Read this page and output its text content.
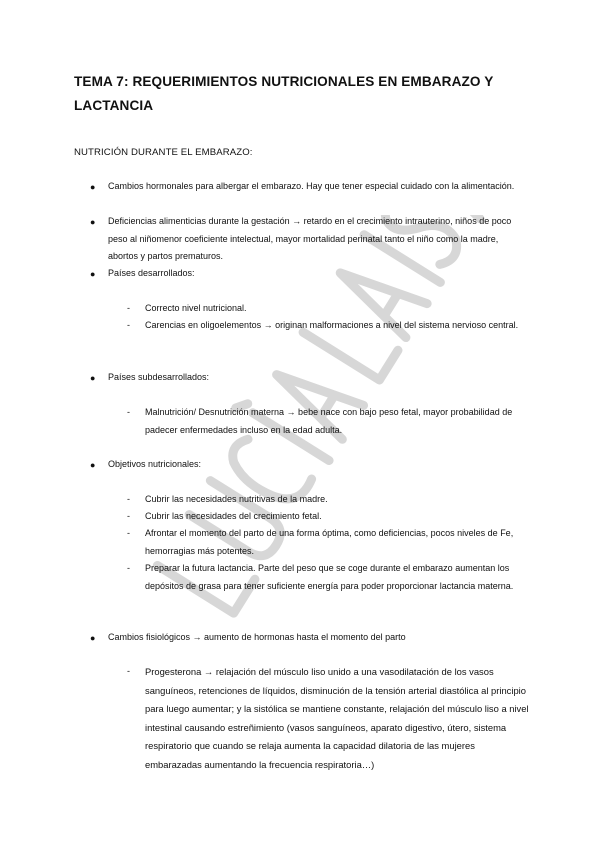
TEMA 7: REQUERIMIENTOS NUTRICIONALES EN EMBARAZO Y LACTANCIA

NUTRICIÓN DURANTE EL EMBARAZO:

● Cambios hormonales para albergar el embarazo. Hay que tener especial cuidado con la alimentación.

● Deficiencias alimenticias durante la gestación → retardo en el crecimiento intrauterino, niños de poco peso al niñomenor coeficiente intelectual, mayor mortalidad perinatal tanto el niño como la madre, abortos y partos prematuros.

● Países desarrollados:

- Correcto nivel nutricional.

- Carencias en oligoelementos → originan malformaciones a nivel del sistema nervioso central.

● Países subdesarrollados:

- Malnutrición/ Desnutrición materna → bebe nace con bajo peso fetal, mayor probabilidad de padecer enfermedades incluso en la edad adulta.

● Objetivos nutricionales:

- Cubrir las necesidades nutritivas de la madre.

- Cubrir las necesidades del crecimiento fetal.

- Afrontar el momento del parto de una forma óptima, como deficiencias, pocos niveles de Fe, hemorragias más potentes.

- Preparar la futura lactancia. Parte del peso que se coge durante el embarazo aumentan los depósitos de grasa para tener suficiente energía para poder proporcionar lactancia materna.

● Cambios fisiológicos → aumento de hormonas hasta el momento del parto

- Progesterona → relajación del músculo liso unido a una vasodilatación de los vasos sanguíneos, retenciones de líquidos, disminución de la tensión arterial diastólica al principio para luego aumentar; y la sistólica se mantiene constante, relajación del músculo liso a nivel intestinal causando estreñimiento (vasos sanguíneos, aparato digestivo, útero, sistema respiratorio que cuando se relaja aumenta la capacidad dilatoria de las mujeres embarazadas aumentando la frecuencia respiratoria…)
